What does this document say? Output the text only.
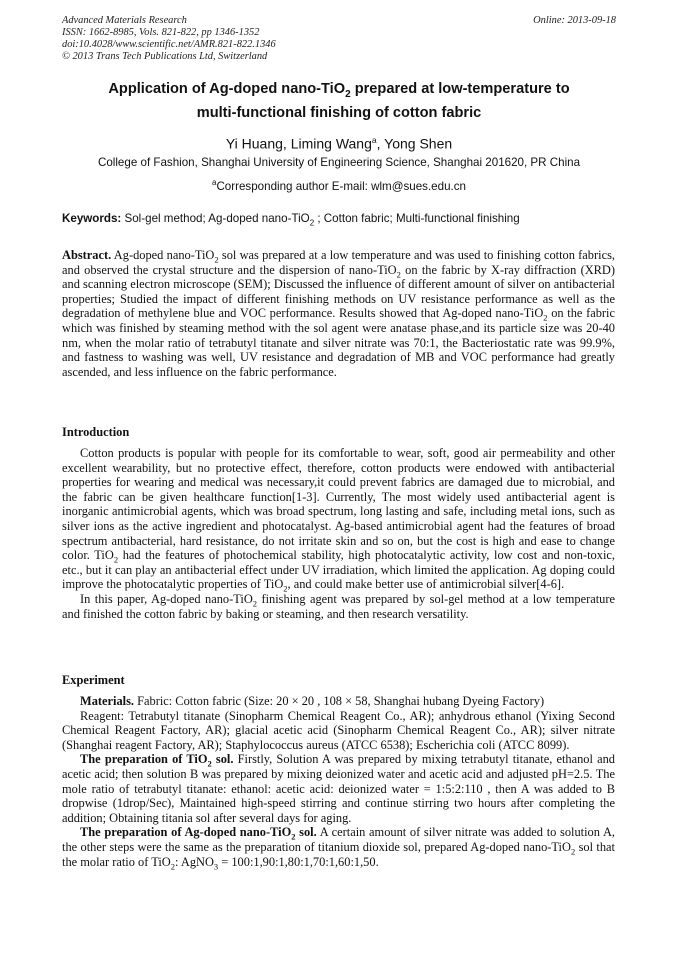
Advanced Materials Research
ISSN: 1662-8985, Vols. 821-822, pp 1346-1352
doi:10.4028/www.scientific.net/AMR.821-822.1346
© 2013 Trans Tech Publications Ltd, Switzerland
Online: 2013-09-18
Application of Ag-doped nano-TiO$_2$ prepared at low-temperature to
multi-functional finishing of cotton fabric
Yi Huang, Liming Wang$^a$, Yong Shen
College of Fashion, Shanghai University of Engineering Science, Shanghai 201620, PR China
$^a$Corresponding author E-mail: wlm@sues.edu.cn
Keywords: Sol-gel method; Ag-doped nano-TiO$_2$ ; Cotton fabric; Multi-functional finishing

Abstract. Ag-doped nano-TiO$_2$ sol was prepared at a low temperature and was used to finishing cotton fabrics, and observed the crystal structure and the dispersion of nano-TiO$_2$ on the fabric by X-ray diffraction (XRD) and scanning electron microscope (SEM); Discussed the influence of different amount of silver on antibacterial properties; Studied the impact of different finishing methods on UV resistance performance as well as the degradation of methylene blue and VOC performance. Results showed that Ag-doped nano-TiO$_2$ on the fabric which was finished by steaming method with the sol agent were anatase phase,and its particle size was 20-40 nm, when the molar ratio of tetrabutyl titanate and silver nitrate was 70:1, the Bacteriostatic rate was 99.9%, and fastness to washing was well, UV resistance and degradation of MB and VOC performance had greatly ascended, and less influence on the fabric performance.

Introduction

Cotton products is popular with people for its comfortable to wear, soft, good air permeability and other excellent wearability, but no protective effect, therefore, cotton products were endowed with antibacterial properties for wearing and medical was necessary,it could prevent fabrics are damaged due to microbial, and the fabric can be given healthcare function[1-3]. Currently, The most widely used antibacterial agent is inorganic antimicrobial agents, which was broad spectrum, long lasting and safe, including metal ions, such as silver ions as the active ingredient and photocatalyst. Ag-based antimicrobial agent had the features of broad spectrum antibacterial, hard resistance, do not irritate skin and so on, but the cost is high and ease to change color. TiO$_2$ had the features of photochemical stability, high photocatalytic activity, low cost and non-toxic, etc., but it can play an antibacterial effect under UV irradiation, which limited the application. Ag doping could improve the photocatalytic properties of TiO$_2$, and could make better use of antimicrobial silver[4-6].

In this paper, Ag-doped nano-TiO$_2$ finishing agent was prepared by sol-gel method at a low temperature and finished the cotton fabric by baking or steaming, and then research versatility.

Experiment

Materials. Fabric: Cotton fabric (Size: 20 × 20 , 108 × 58, Shanghai hubang Dyeing Factory)

Reagent: Tetrabutyl titanate (Sinopharm Chemical Reagent Co., AR); anhydrous ethanol (Yixing Second Chemical Reagent Factory, AR); glacial acetic acid (Sinopharm Chemical Reagent Co., AR); silver nitrate (Shanghai reagent Factory, AR); Staphylococcus aureus (ATCC 6538); Escherichia coli (ATCC 8099).

The preparation of TiO$_2$ sol. Firstly, Solution A was prepared by mixing tetrabutyl titanate, ethanol and acetic acid; then solution B was prepared by mixing deionized water and acetic acid and adjusted pH=2.5. The mole ratio of tetrabutyl titanate: ethanol: acetic acid: deionized water = 1:5:2:110 , then A was added to B dropwise (1drop/Sec), Maintained high-speed stirring and continue stirring two hours after completing the addition; Obtaining titania sol after several days for aging.

The preparation of Ag-doped nano-TiO$_2$ sol. A certain amount of silver nitrate was added to solution A, the other steps were the same as the preparation of titanium dioxide sol, prepared Ag-doped nano-TiO$_2$ sol that the molar ratio of TiO$_2$: AgNO$_3$ = 100:1,90:1,80:1,70:1,60:1,50.
